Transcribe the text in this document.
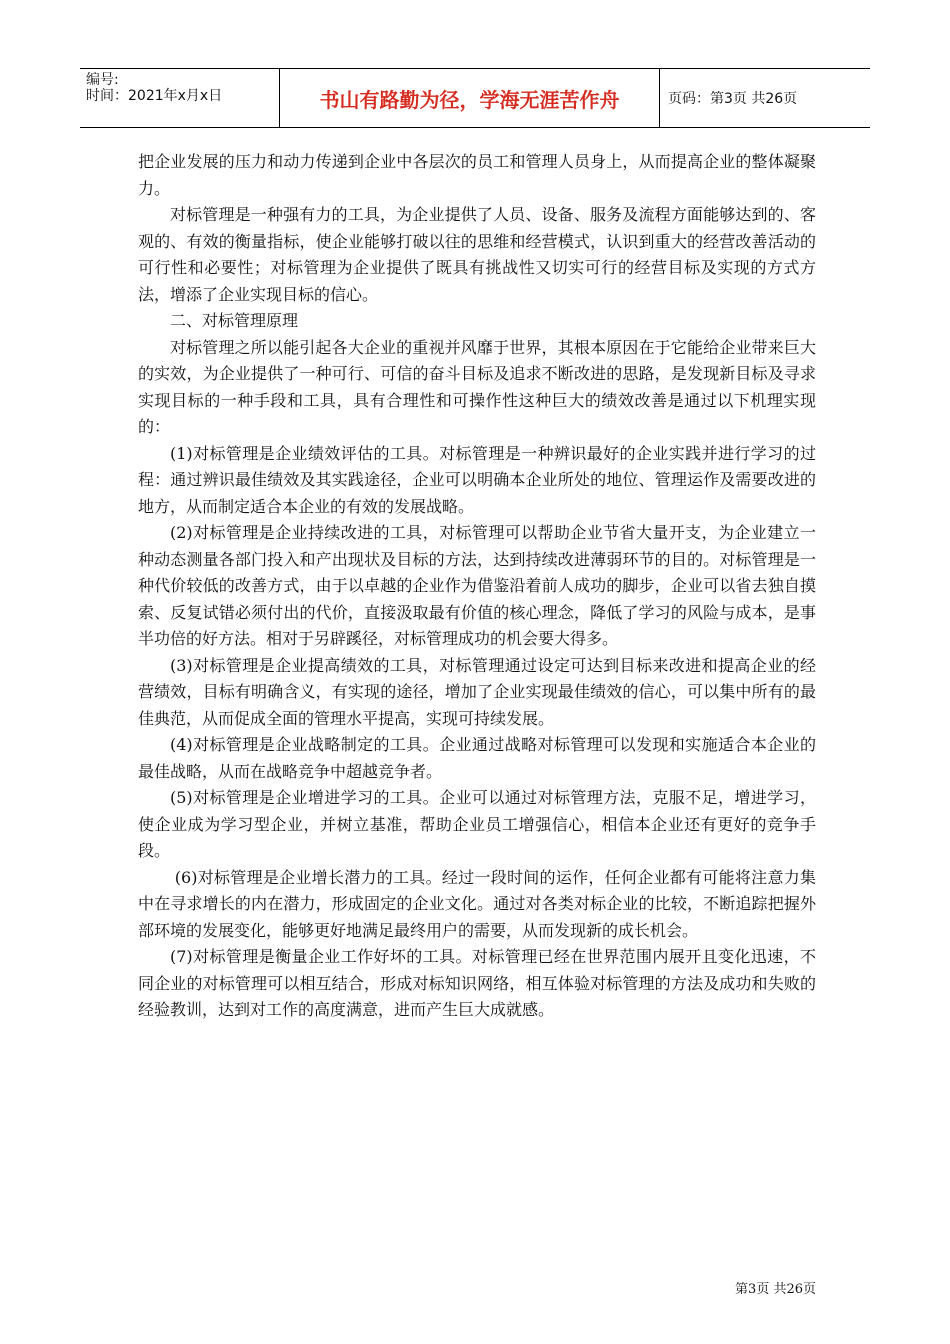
编号:
时间：2021年x月x日	书山有路勤为径，学海无涯苦作舟	页码：第3页 共26页

把企业发展的压力和动力传递到企业中各层次的员工和管理人员身上，从而提高企业的整体凝聚力。

对标管理是一种强有力的工具，为企业提供了人员、设备、服务及流程方面能够达到的、客观的、有效的衡量指标，使企业能够打破以往的思维和经营模式，认识到重大的经营改善活动的可行性和必要性；对标管理为企业提供了既具有挑战性又切实可行的经营目标及实现的方式方法，增添了企业实现目标的信心。

二、对标管理原理

对标管理之所以能引起各大企业的重视并风靡于世界，其根本原因在于它能给企业带来巨大的实效，为企业提供了一种可行、可信的奋斗目标及追求不断改进的思路，是发现新目标及寻求实现目标的一种手段和工具，具有合理性和可操作性这种巨大的绩效改善是通过以下机理实现的：

(1)对标管理是企业绩效评估的工具。对标管理是一种辨识最好的企业实践并进行学习的过程：通过辨识最佳绩效及其实践途径，企业可以明确本企业所处的地位、管理运作及需要改进的地方，从而制定适合本企业的有效的发展战略。

(2)对标管理是企业持续改进的工具，对标管理可以帮助企业节省大量开支，为企业建立一种动态测量各部门投入和产出现状及目标的方法，达到持续改进薄弱环节的目的。对标管理是一种代价较低的改善方式，由于以卓越的企业作为借鉴沿着前人成功的脚步，企业可以省去独自摸索、反复试错必须付出的代价，直接汲取最有价值的核心理念，降低了学习的风险与成本，是事半功倍的好方法。相对于另辟蹊径，对标管理成功的机会要大得多。

(3)对标管理是企业提高绩效的工具，对标管理通过设定可达到目标来改进和提高企业的经营绩效，目标有明确含义，有实现的途径，增加了企业实现最佳绩效的信心，可以集中所有的最佳典范，从而促成全面的管理水平提高，实现可持续发展。

(4)对标管理是企业战略制定的工具。企业通过战略对标管理可以发现和实施适合本企业的最佳战略，从而在战略竞争中超越竞争者。

(5)对标管理是企业增进学习的工具。企业可以通过对标管理方法，克服不足，增进学习，使企业成为学习型企业，并树立基准，帮助企业员工增强信心，相信本企业还有更好的竞争手段。

(6)对标管理是企业增长潜力的工具。经过一段时间的运作，任何企业都有可能将注意力集中在寻求增长的内在潜力，形成固定的企业文化。通过对各类对标企业的比较，不断追踪把握外部环境的发展变化，能够更好地满足最终用户的需要，从而发现新的成长机会。

(7)对标管理是衡量企业工作好坏的工具。对标管理已经在世界范围内展开且变化迅速，不同企业的对标管理可以相互结合，形成对标知识网络，相互体验对标管理的方法及成功和失败的经验教训，达到对工作的高度满意，进而产生巨大成就感。

第3页 共26页
